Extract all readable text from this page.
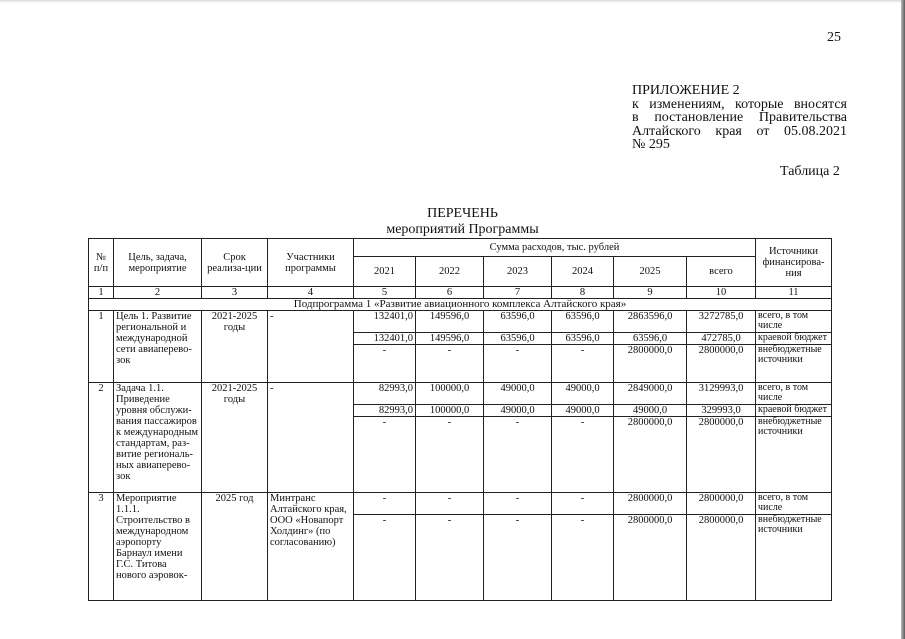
25
ПРИЛОЖЕНИЕ 2
к изменениям, которые вносятся
в постановление Правительства
Алтайского края от 05.08.2021
№ 295
Таблица 2
ПЕРЕЧЕНЬ
мероприятий Программы
№ п/п	Цель, задача, мероприятие	Срок реализа-ции	Участники программы	Сумма расходов, тыс. рублей						Источники финансирова-ния
				2021	2022	2023	2024	2025	всего	
1	2	3	4	5	6	7	8	9	10	11
Подпрограмма 1 «Развитие авиационного комплекса Алтайского края»										
1	Цель 1. Развитие региональной и международной сети авиаперево-зок	2021-2025 годы	-	132401,0	149596,0	63596,0	63596,0	2863596,0	3272785,0	всего, в том числе
				132401,0	149596,0	63596,0	63596,0	63596,0	472785,0	краевой бюджет
				-	-	-	-	2800000,0	2800000,0	внебюджетные источники
2	Задача 1.1. Приведение уровня обслужи-вания пассажиров к международным стандартам, раз-витие региональ-ных авиаперево-зок	2021-2025 годы	-	82993,0	100000,0	49000,0	49000,0	2849000,0	3129993,0	всего, в том числе
				82993,0	100000,0	49000,0	49000,0	49000,0	329993,0	краевой бюджет
				-	-	-	-	2800000,0	2800000,0	внебюджетные источники
3	Мероприятие 1.1.1. Строительство в международном аэропорту Барнаул имени Г.С. Титова нового аэровок-	2025 год	Минтранс Алтайского края, ООО «Новапорт Холдинг» (по согласованию)	-	-	-	-	2800000,0	2800000,0	всего, в том числе
				-	-	-	-	2800000,0	2800000,0	внебюджетные источники
